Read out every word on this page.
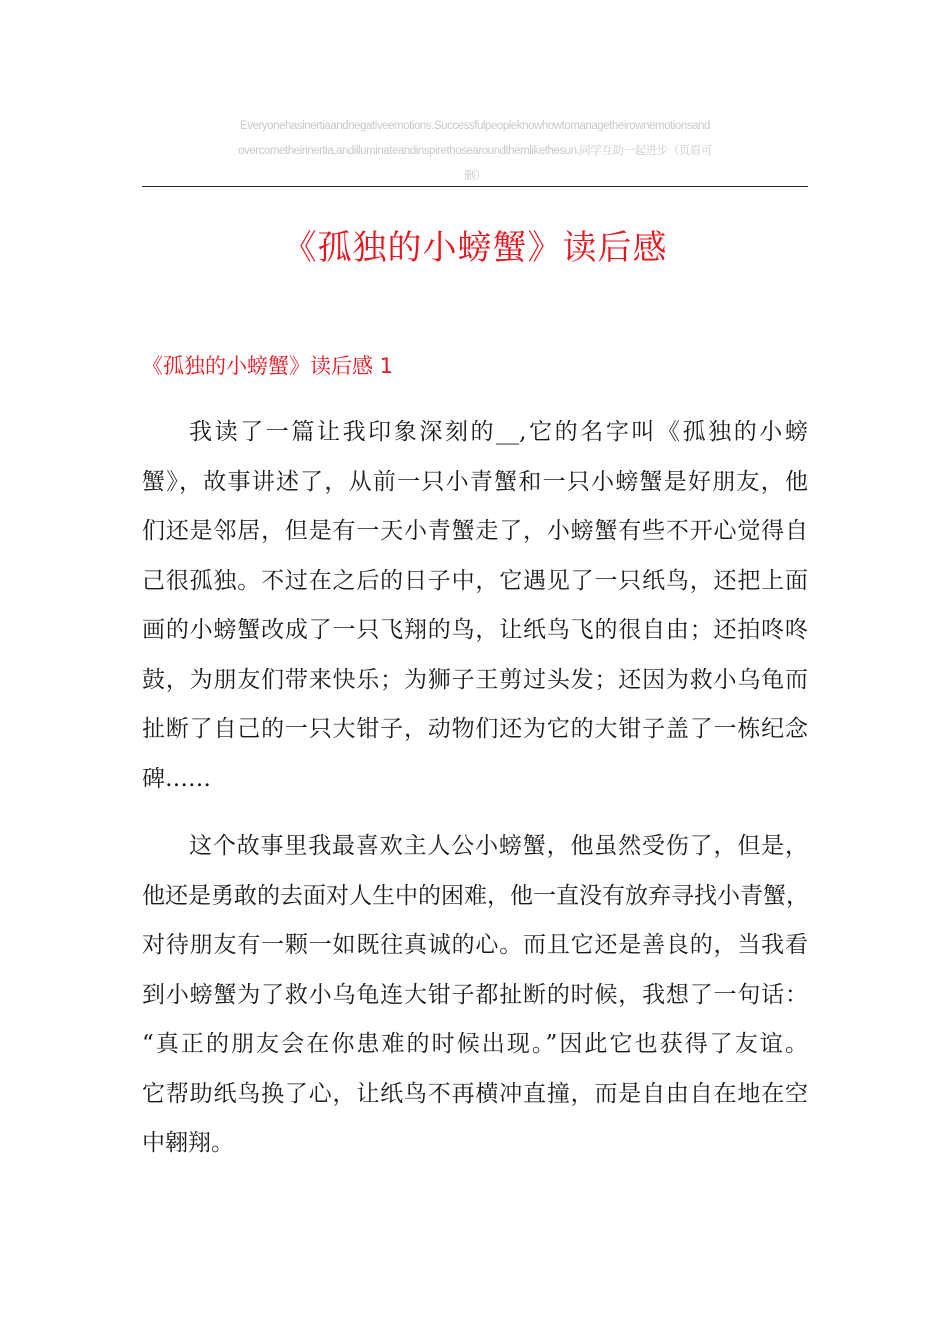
Everyonehasinertiaandnegativeemotions.Successfulpeopleknowhowtomanagetheirownemotionsand
overcometheirinertia,andilluminateandinspirethosearoundthemlikethesun.同学互助一起进步（页眉可
删）
《孤独的小螃蟹》读后感
《孤独的小螃蟹》读后感 1

我读了一篇让我印象深刻的__,它的名字叫《孤独的小螃
蟹》，故事讲述了，从前一只小青蟹和一只小螃蟹是好朋友，他
们还是邻居，但是有一天小青蟹走了，小螃蟹有些不开心觉得自
己很孤独。不过在之后的日子中，它遇见了一只纸鸟，还把上面
画的小螃蟹改成了一只飞翔的鸟，让纸鸟飞的很自由；还拍咚咚
鼓，为朋友们带来快乐；为狮子王剪过头发；还因为救小乌龟而
扯断了自己的一只大钳子，动物们还为它的大钳子盖了一栋纪念
碑……

这个故事里我最喜欢主人公小螃蟹，他虽然受伤了，但是，
他还是勇敢的去面对人生中的困难，他一直没有放弃寻找小青蟹，
对待朋友有一颗一如既往真诚的心。而且它还是善良的，当我看
到小螃蟹为了救小乌龟连大钳子都扯断的时候，我想了一句话：
“真正的朋友会在你患难的时候出现。”因此它也获得了友谊。
它帮助纸鸟换了心，让纸鸟不再横冲直撞，而是自由自在地在空
中翱翔。
